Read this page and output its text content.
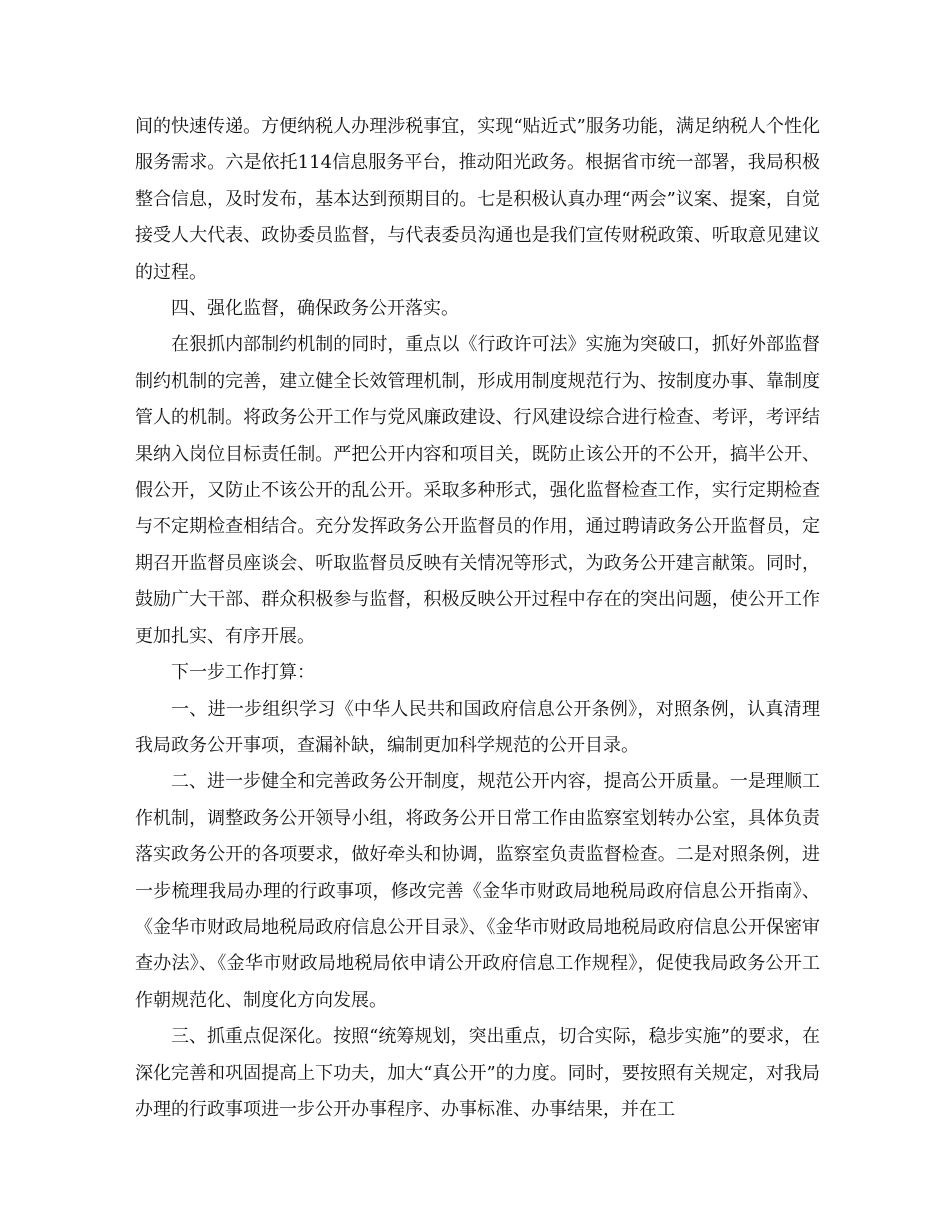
间的快速传递。方便纳税人办理涉税事宜，实现“贴近式”服务功能，满足纳税人个性化服务需求。六是依托114信息服务平台，推动阳光政务。根据省市统一部署，我局积极整合信息，及时发布，基本达到预期目的。七是积极认真办理“两会”议案、提案，自觉接受人大代表、政协委员监督，与代表委员沟通也是我们宣传财税政策、听取意见建议的过程。

四、强化监督，确保政务公开落实。

在狠抓内部制约机制的同时，重点以《行政许可法》实施为突破口，抓好外部监督制约机制的完善，建立健全长效管理机制，形成用制度规范行为、按制度办事、靠制度管人的机制。将政务公开工作与党风廉政建设、行风建设综合进行检查、考评，考评结果纳入岗位目标责任制。严把公开内容和项目关，既防止该公开的不公开，搞半公开、假公开，又防止不该公开的乱公开。采取多种形式，强化监督检查工作，实行定期检查与不定期检查相结合。充分发挥政务公开监督员的作用，通过聘请政务公开监督员，定期召开监督员座谈会、听取监督员反映有关情况等形式，为政务公开建言献策。同时，鼓励广大干部、群众积极参与监督，积极反映公开过程中存在的突出问题，使公开工作更加扎实、有序开展。

下一步工作打算：

一、进一步组织学习《中华人民共和国政府信息公开条例》，对照条例，认真清理我局政务公开事项，查漏补缺，编制更加科学规范的公开目录。

二、进一步健全和完善政务公开制度，规范公开内容，提高公开质量。一是理顺工作机制，调整政务公开领导小组，将政务公开日常工作由监察室划转办公室，具体负责落实政务公开的各项要求，做好牵头和协调，监察室负责监督检查。二是对照条例，进一步梳理我局办理的行政事项，修改完善《金华市财政局地税局政府信息公开指南》、《金华市财政局地税局政府信息公开目录》、《金华市财政局地税局政府信息公开保密审查办法》、《金华市财政局地税局依申请公开政府信息工作规程》，促使我局政务公开工作朝规范化、制度化方向发展。

三、抓重点促深化。按照“统筹规划，突出重点，切合实际，稳步实施”的要求，在深化完善和巩固提高上下功夫，加大“真公开”的力度。同时，要按照有关规定，对我局办理的行政事项进一步公开办事程序、办事标准、办事结果，并在工
